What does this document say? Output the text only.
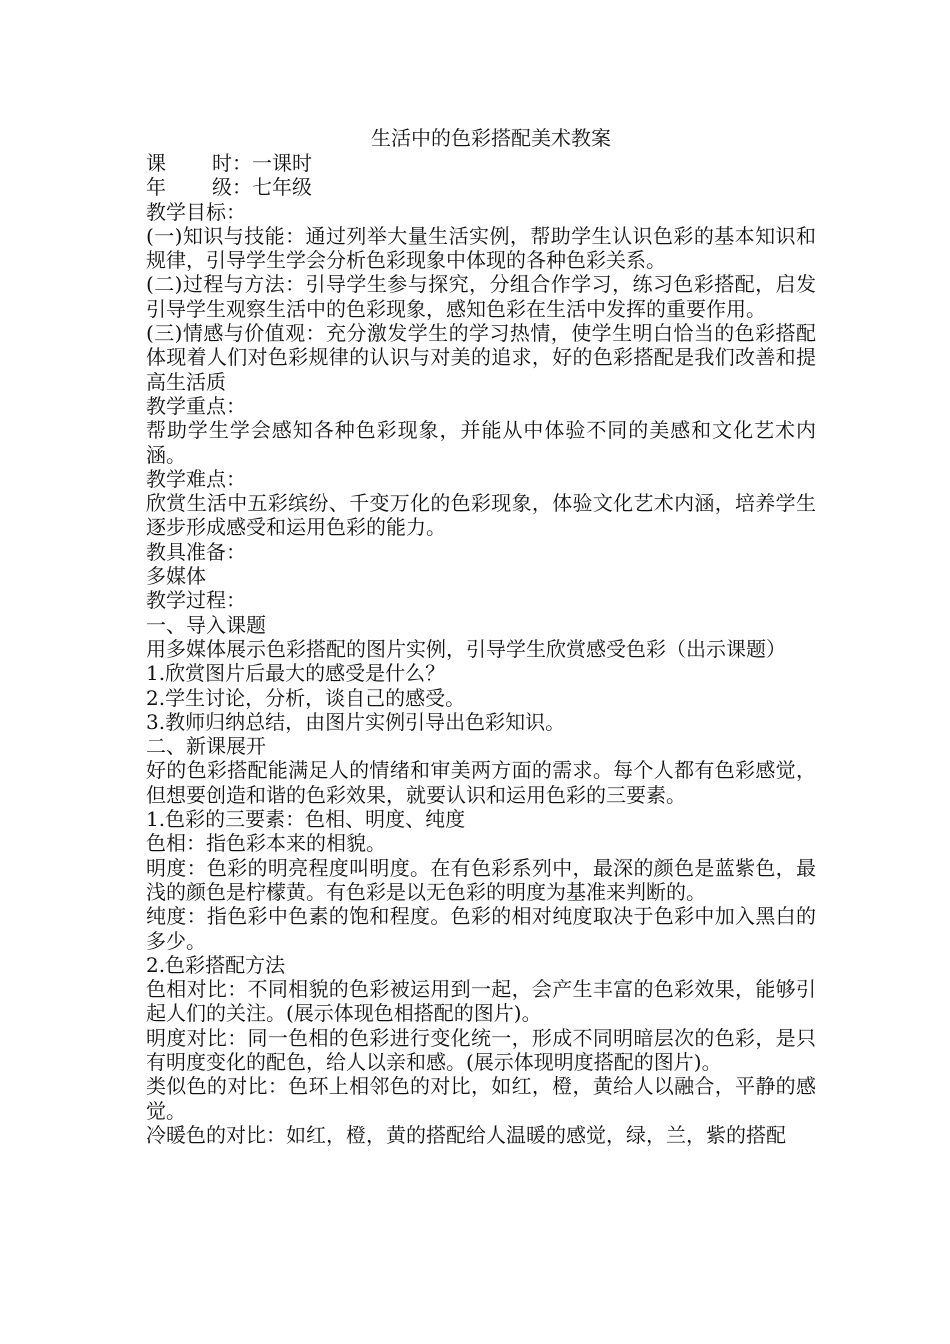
生活中的色彩搭配美术教案

课	时： 一课时
年	级： 七年级

教学目标：

(一)知识与技能：通过列举大量生活实例，帮助学生认识色彩的基本知识和规律，引导学生学会分析色彩现象中体现的各种色彩关系。

(二)过程与方法：引导学生参与探究，分组合作学习，练习色彩搭配，启发引导学生观察生活中的色彩现象，感知色彩在生活中发挥的重要作用。

(三)情感与价值观：充分激发学生的学习热情，使学生明白恰当的色彩搭配体现着人们对色彩规律的认识与对美的追求，好的色彩搭配是我们改善和提高生活质

教学重点：

帮助学生学会感知各种色彩现象，并能从中体验不同的美感和文化艺术内涵。

教学难点：

欣赏生活中五彩缤纷、千变万化的色彩现象，体验文化艺术内涵，培养学生逐步形成感受和运用色彩的能力。

教具准备：

多媒体

教学过程：

一、导入课题

用多媒体展示色彩搭配的图片实例，引导学生欣赏感受色彩（出示课题）

1.欣赏图片后最大的感受是什么？

2.学生讨论，分析，谈自己的感受。

3.教师归纳总结，由图片实例引导出色彩知识。

二、新课展开

好的色彩搭配能满足人的情绪和审美两方面的需求。每个人都有色彩感觉，但想要创造和谐的色彩效果，就要认识和运用色彩的三要素。

1.色彩的三要素：色相、明度、纯度

色相：指色彩本来的相貌。

明度：色彩的明亮程度叫明度。在有色彩系列中，最深的颜色是蓝紫色，最浅的颜色是柠檬黄。有色彩是以无色彩的明度为基准来判断的。

纯度：指色彩中色素的饱和程度。色彩的相对纯度取决于色彩中加入黑白的多少。

2.色彩搭配方法

色相对比：不同相貌的色彩被运用到一起，会产生丰富的色彩效果，能够引起人们的关注。(展示体现色相搭配的图片)。

明度对比：同一色相的色彩进行变化统一，形成不同明暗层次的色彩，是只有明度变化的配色，给人以亲和感。(展示体现明度搭配的图片)。

类似色的对比：色环上相邻色的对比，如红，橙，黄给人以融合，平静的感觉。

冷暖色的对比：如红，橙，黄的搭配给人温暖的感觉，绿，兰，紫的搭配
